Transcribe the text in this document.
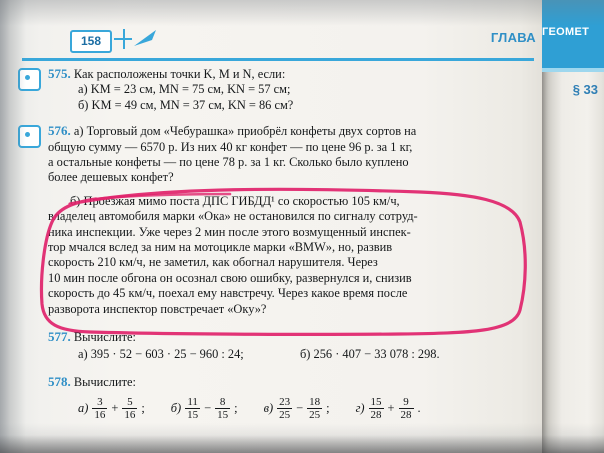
ГЕОМЕТ
§ 33
158	ГЛАВА
575. Как расположены точки K, M и N, если:
а) KM = 23 см, MN = 75 см, KN = 57 см;
б) KM = 49 см, MN = 37 см, KN = 86 см?
576. а) Торговый дом «Чебурашка» приобрёл конфеты двух сортов на
общую сумму — 6570 р. Из них 40 кг конфет — по цене 96 р. за 1 кг,
а остальные конфеты — по цене 78 р. за 1 кг. Сколько было куплено
более дешевых конфет?
б) Проезжая мимо поста ДПС ГИБДД¹ со скоростью 105 км/ч,
владелец автомобиля марки «Ока» не остановился по сигналу сотруд-
ника инспекции. Уже через 2 мин после этого возмущенный инспек-
тор мчался вслед за ним на мотоцикле марки «BMW», но, развив
скорость 210 км/ч, не заметил, как обогнал нарушителя. Через
10 мин после обгона он осознал свою ошибку, развернулся и, снизив
скорость до 45 км/ч, поехал ему навстречу. Через какое время после
разворота инспектор повстречает «Оку»?
577. Вычислите:
а) 395 · 52 − 603 · 25 − 960 : 24;	б) 256 · 407 − 33 078 : 298.
578. Вычислите:
$а) \frac{3}{16} + \frac{5}{16}$ ; $б) \frac{11}{15} - \frac{8}{15}$ ; $в) \frac{23}{25} - \frac{18}{25}$ ; $г) \frac{15}{28} + \frac{9}{28}$ .
